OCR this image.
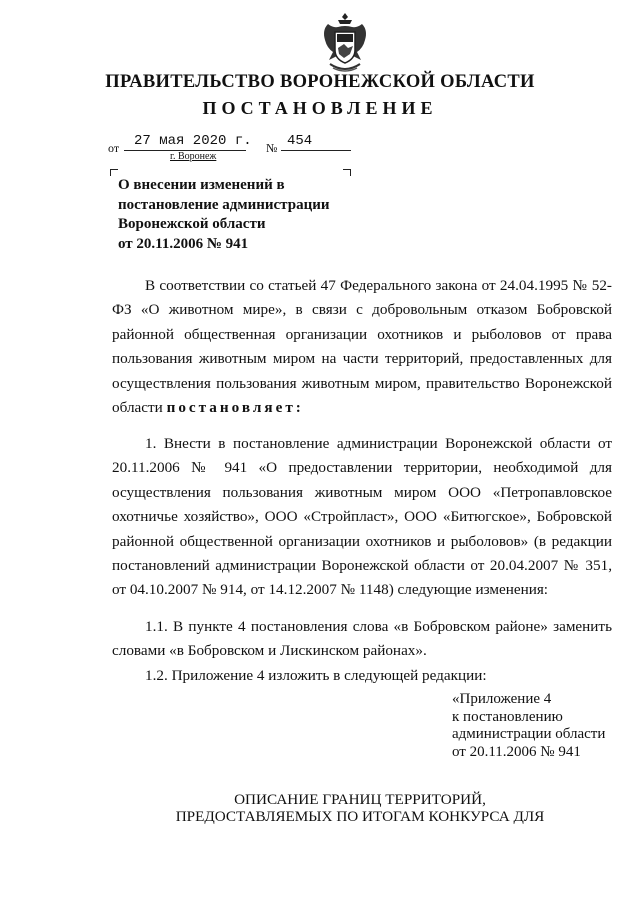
ПРАВИТЕЛЬСТВО ВОРОНЕЖСКОЙ ОБЛАСТИ
ПОСТАНОВЛЕНИЕ
от 27 мая 2020 г. № 454
г. Воронеж
О внесении изменений в
постановление администрации
Воронежской области
от 20.11.2006 № 941

В соответствии со статьей 47 Федерального закона от 24.04.1995 № 52-ФЗ «О животном мире», в связи с добровольным отказом Бобровской районной общественная организации охотников и рыболовов от права пользования животным миром на части территорий, предоставленных для осуществления пользования животным миром, правительство Воронежской области постановляет:

1. Внести в постановление администрации Воронежской области от 20.11.2006 № 941 «О предоставлении территории, необходимой для осуществления пользования животным миром ООО «Петропавловское охотничье хозяйство», ООО «Стройпласт», ООО «Битюгское», Бобровской районной общественной организации охотников и рыболовов» (в редакции постановлений администрации Воронежской области от 20.04.2007 № 351, от 04.10.2007 № 914, от 14.12.2007 № 1148) следующие изменения:

1.1. В пункте 4 постановления слова «в Бобровском районе» заменить словами «в Бобровском и Лискинском районах».

1.2. Приложение 4 изложить в следующей редакции:

«Приложение 4
к постановлению
администрации области
от 20.11.2006 № 941
ОПИСАНИЕ ГРАНИЦ ТЕРРИТОРИЙ,
ПРЕДОСТАВЛЯЕМЫХ ПО ИТОГАМ КОНКУРСА ДЛЯ
